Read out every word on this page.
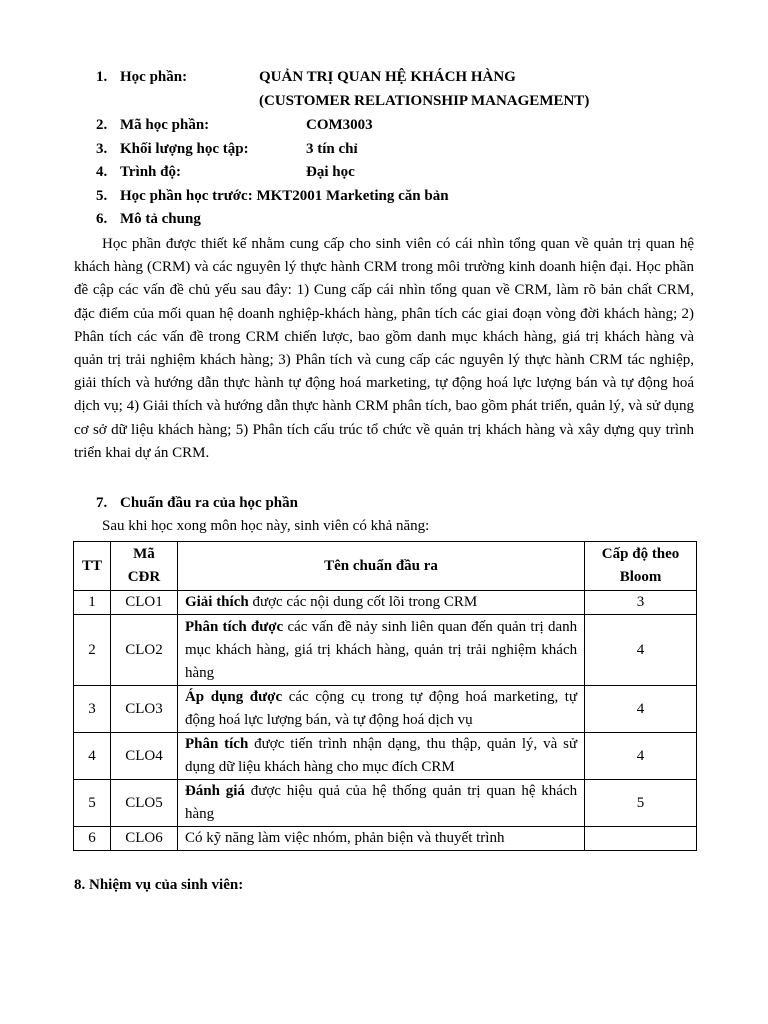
1. Học phần:	QUẢN TRỊ QUAN HỆ KHÁCH HÀNG
(CUSTOMER RELATIONSHIP MANAGEMENT)
2. Mã học phần:	COM3003
3. Khối lượng học tập:	3 tín chỉ
4. Trình độ:	Đại học
5. Học phần học trước: MKT2001 Marketing căn bản
6. Mô tả chung

Học phần được thiết kế nhằm cung cấp cho sinh viên có cái nhìn tổng quan về quản trị quan hệ khách hàng (CRM) và các nguyên lý thực hành CRM trong môi trường kinh doanh hiện đại. Học phần đề cập các vấn đề chủ yếu sau đây: 1) Cung cấp cái nhìn tổng quan về CRM, làm rõ bản chất CRM, đặc điểm của mối quan hệ doanh nghiệp-khách hàng, phân tích các giai đoạn vòng đời khách hàng; 2) Phân tích các vấn đề trong CRM chiến lược, bao gồm danh mục khách hàng, giá trị khách hàng và quản trị trải nghiệm khách hàng; 3) Phân tích và cung cấp các nguyên lý thực hành CRM tác nghiệp, giải thích và hướng dẫn thực hành tự động hoá marketing, tự động hoá lực lượng bán và tự động hoá dịch vụ; 4) Giải thích và hướng dẫn thực hành CRM phân tích, bao gồm phát triển, quản lý, và sử dụng cơ sở dữ liệu khách hàng; 5) Phân tích cấu trúc tổ chức về quản trị khách hàng và xây dựng quy trình triển khai dự án CRM.

7. Chuẩn đầu ra của học phần
Sau khi học xong môn học này, sinh viên có khả năng:
TT	Mã CĐR	Tên chuẩn đầu ra	Cấp độ theo Bloom
1	CLO1	Giải thích được các nội dung cốt lõi trong CRM	3
2	CLO2	Phân tích được các vấn đề nảy sinh liên quan đến quản trị danh mục khách hàng, giá trị khách hàng, quản trị trải nghiệm khách hàng	4
3	CLO3	Áp dụng được các cộng cụ trong tự động hoá marketing, tự động hoá lực lượng bán, và tự động hoá dịch vụ	4
4	CLO4	Phân tích được tiến trình nhận dạng, thu thập, quản lý, và sử dụng dữ liệu khách hàng cho mục đích CRM	4
5	CLO5	Đánh giá được hiệu quả của hệ thống quản trị quan hệ khách hàng	5
6	CLO6	Có kỹ năng làm việc nhóm, phản biện và thuyết trình	
8. Nhiệm vụ của sinh viên:
